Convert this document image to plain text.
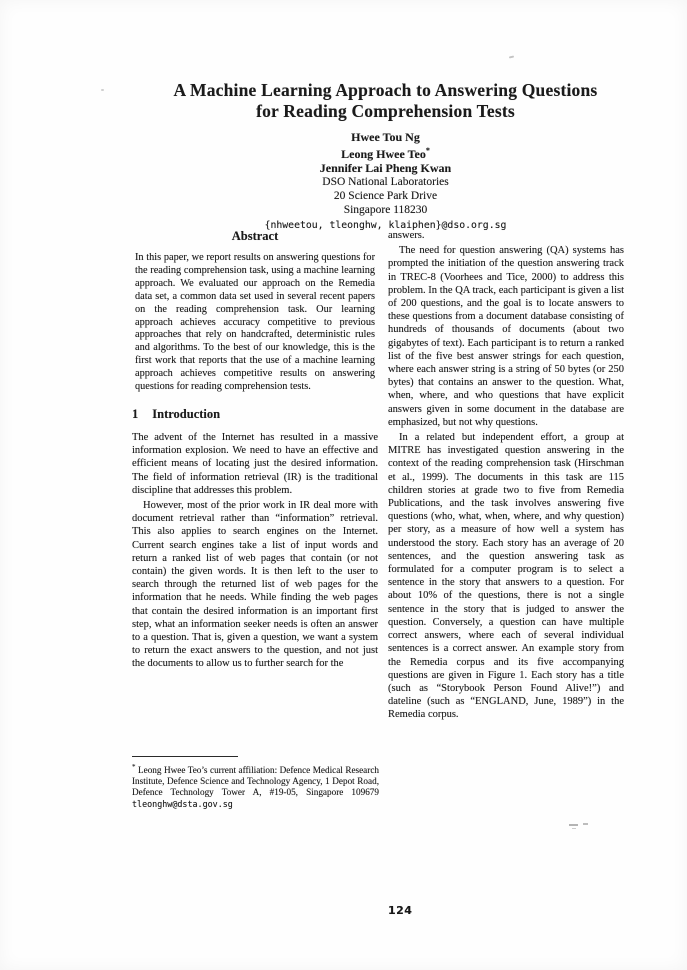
A Machine Learning Approach to Answering Questions
for Reading Comprehension Tests
Hwee Tou Ng
Leong Hwee Teo*
Jennifer Lai Pheng Kwan
DSO National Laboratories
20 Science Park Drive
Singapore 118230
{nhweetou, tleonghw, klaiphen}@dso.org.sg
Abstract

In this paper, we report results on answering questions for the reading comprehension task, using a machine learning approach. We evaluated our approach on the Remedia data set, a common data set used in several recent papers on the reading comprehension task. Our learning approach achieves accuracy competitive to previous approaches that rely on handcrafted, deterministic rules and algorithms. To the best of our knowledge, this is the first work that reports that the use of a machine learning approach achieves competitive results on answering questions for reading comprehension tests.

1 Introduction

The advent of the Internet has resulted in a massive information explosion. We need to have an effective and efficient means of locating just the desired information. The field of information retrieval (IR) is the traditional discipline that addresses this problem.

However, most of the prior work in IR deal more with document retrieval rather than “information” retrieval. This also applies to search engines on the Internet. Current search engines take a list of input words and return a ranked list of web pages that contain (or not contain) the given words. It is then left to the user to search through the returned list of web pages for the information that he needs. While finding the web pages that contain the desired information is an important first step, what an information seeker needs is often an answer to a question. That is, given a question, we want a system to return the exact answers to the question, and not just the documents to allow us to further search for the

answers.

The need for question answering (QA) systems has prompted the initiation of the question answering track in TREC-8 (Voorhees and Tice, 2000) to address this problem. In the QA track, each participant is given a list of 200 questions, and the goal is to locate answers to these questions from a document database consisting of hundreds of thousands of documents (about two gigabytes of text). Each participant is to return a ranked list of the five best answer strings for each question, where each answer string is a string of 50 bytes (or 250 bytes) that contains an answer to the question. What, when, where, and who questions that have explicit answers given in some document in the database are emphasized, but not why questions.

In a related but independent effort, a group at MITRE has investigated question answering in the context of the reading comprehension task (Hirschman et al., 1999). The documents in this task are 115 children stories at grade two to five from Remedia Publications, and the task involves answering five questions (who, what, when, where, and why question) per story, as a measure of how well a system has understood the story. Each story has an average of 20 sentences, and the question answering task as formulated for a computer program is to select a sentence in the story that answers to a question. For about 10% of the questions, there is not a single sentence in the story that is judged to answer the question. Conversely, a question can have multiple correct answers, where each of several individual sentences is a correct answer. An example story from the Remedia corpus and its five accompanying questions are given in Figure 1. Each story has a title (such as “Storybook Person Found Alive!”) and dateline (such as “ENGLAND, June, 1989”) in the Remedia corpus.

* Leong Hwee Teo’s current affiliation: Defence Medical Research Institute, Defence Science and Technology Agency, 1 Depot Road, Defence Technology Tower A, #19-05, Singapore 109679 tleonghw@dsta.gov.sg

124
